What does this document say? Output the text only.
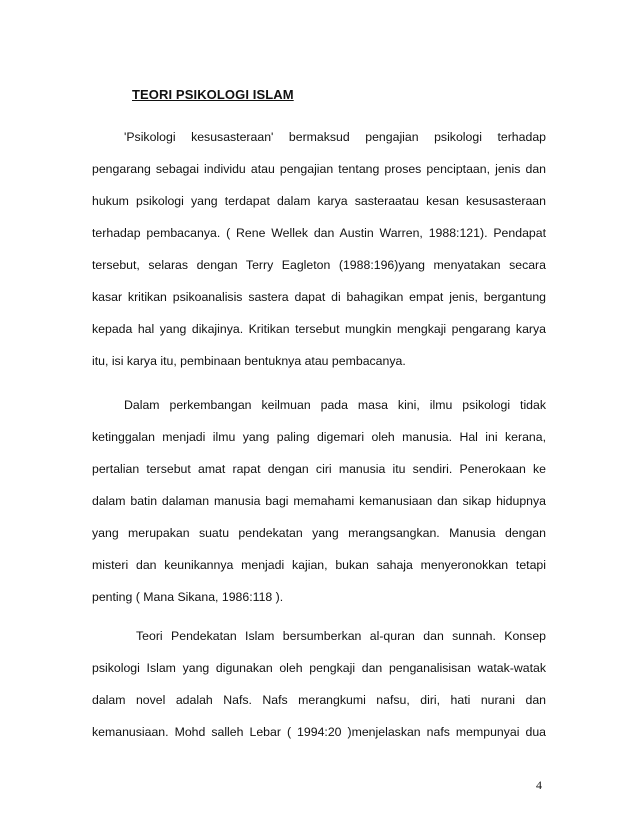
TEORI PSIKOLOGI ISLAM
'Psikologi kesusasteraan' bermaksud pengajian psikologi terhadap
pengarang sebagai individu atau pengajian tentang proses penciptaan, jenis dan
hukum psikologi yang terdapat dalam karya sasteraatau kesan kesusasteraan
terhadap pembacanya. ( Rene Wellek dan Austin Warren, 1988:121). Pendapat
tersebut, selaras dengan Terry Eagleton (1988:196)yang menyatakan secara
kasar kritikan psikoanalisis sastera dapat di bahagikan empat jenis, bergantung
kepada hal yang dikajinya. Kritikan tersebut mungkin mengkaji pengarang karya
itu, isi karya itu, pembinaan bentuknya atau pembacanya.
Dalam perkembangan keilmuan pada masa kini, ilmu psikologi tidak
ketinggalan menjadi ilmu yang paling digemari oleh manusia. Hal ini kerana,
pertalian tersebut amat rapat dengan ciri manusia itu sendiri. Penerokaan ke
dalam batin dalaman manusia bagi memahami kemanusiaan dan sikap hidupnya
yang merupakan suatu pendekatan yang merangsangkan. Manusia dengan
misteri dan keunikannya menjadi kajian, bukan sahaja menyeronokkan tetapi
penting ( Mana Sikana, 1986:118 ).
Teori Pendekatan Islam bersumberkan al-quran dan sunnah. Konsep
psikologi Islam yang digunakan oleh pengkaji dan penganalisisan watak-watak
dalam novel adalah Nafs. Nafs merangkumi nafsu, diri, hati nurani dan
kemanusiaan. Mohd salleh Lebar ( 1994:20 )menjelaskan nafs mempunyai dua
4
